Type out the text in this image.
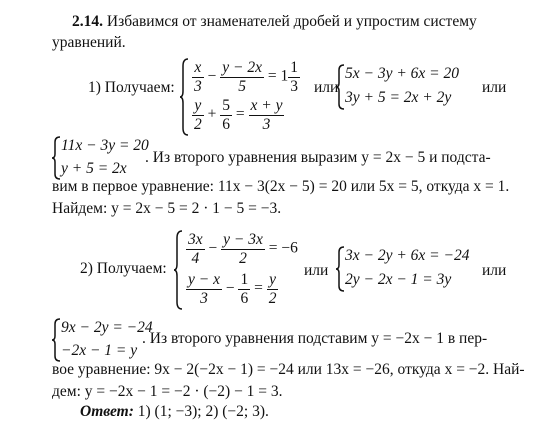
2.14. Избавимся от знаменателей дробей и упростим систему
уравнений.
1) Получаем: $\frac{x}{3} - \frac{y - 2x}{5} = 1 \frac{1}{3}$
$\frac{y}{2} + \frac{5}{6} = \frac{x + y}{3}$
или
5x − 3y + 6x = 20
3y + 5 = 2x + 2y
или
11x − 3y = 20
y + 5 = 2x
. Из второго уравнения выразим y = 2x − 5 и подста-
вим в первое уравнение: 11x − 3(2x − 5) = 20 или 5x = 5, откуда x = 1.
Найдем: y = 2x − 5 = 2 · 1 − 5 = −3.
2) Получаем:
$\frac{3x}{4} - \frac{y - 3x}{2} = -6$
$\frac{y - x}{3} - \frac{1}{6} = \frac{y}{2}$
или
3x − 2y + 6x = −24
2y − 2x − 1 = 3y
или
9x − 2y = −24
−2x − 1 = y
. Из второго уравнения подставим y = −2x − 1 в пер-
вое уравнение: 9x − 2(−2x − 1) = −24 или 13x = −26, откуда x = −2. Най-
дем: y = −2x − 1 = −2 · (−2) − 1 = 3.
Ответ: 1) (1; −3); 2) (−2; 3).
